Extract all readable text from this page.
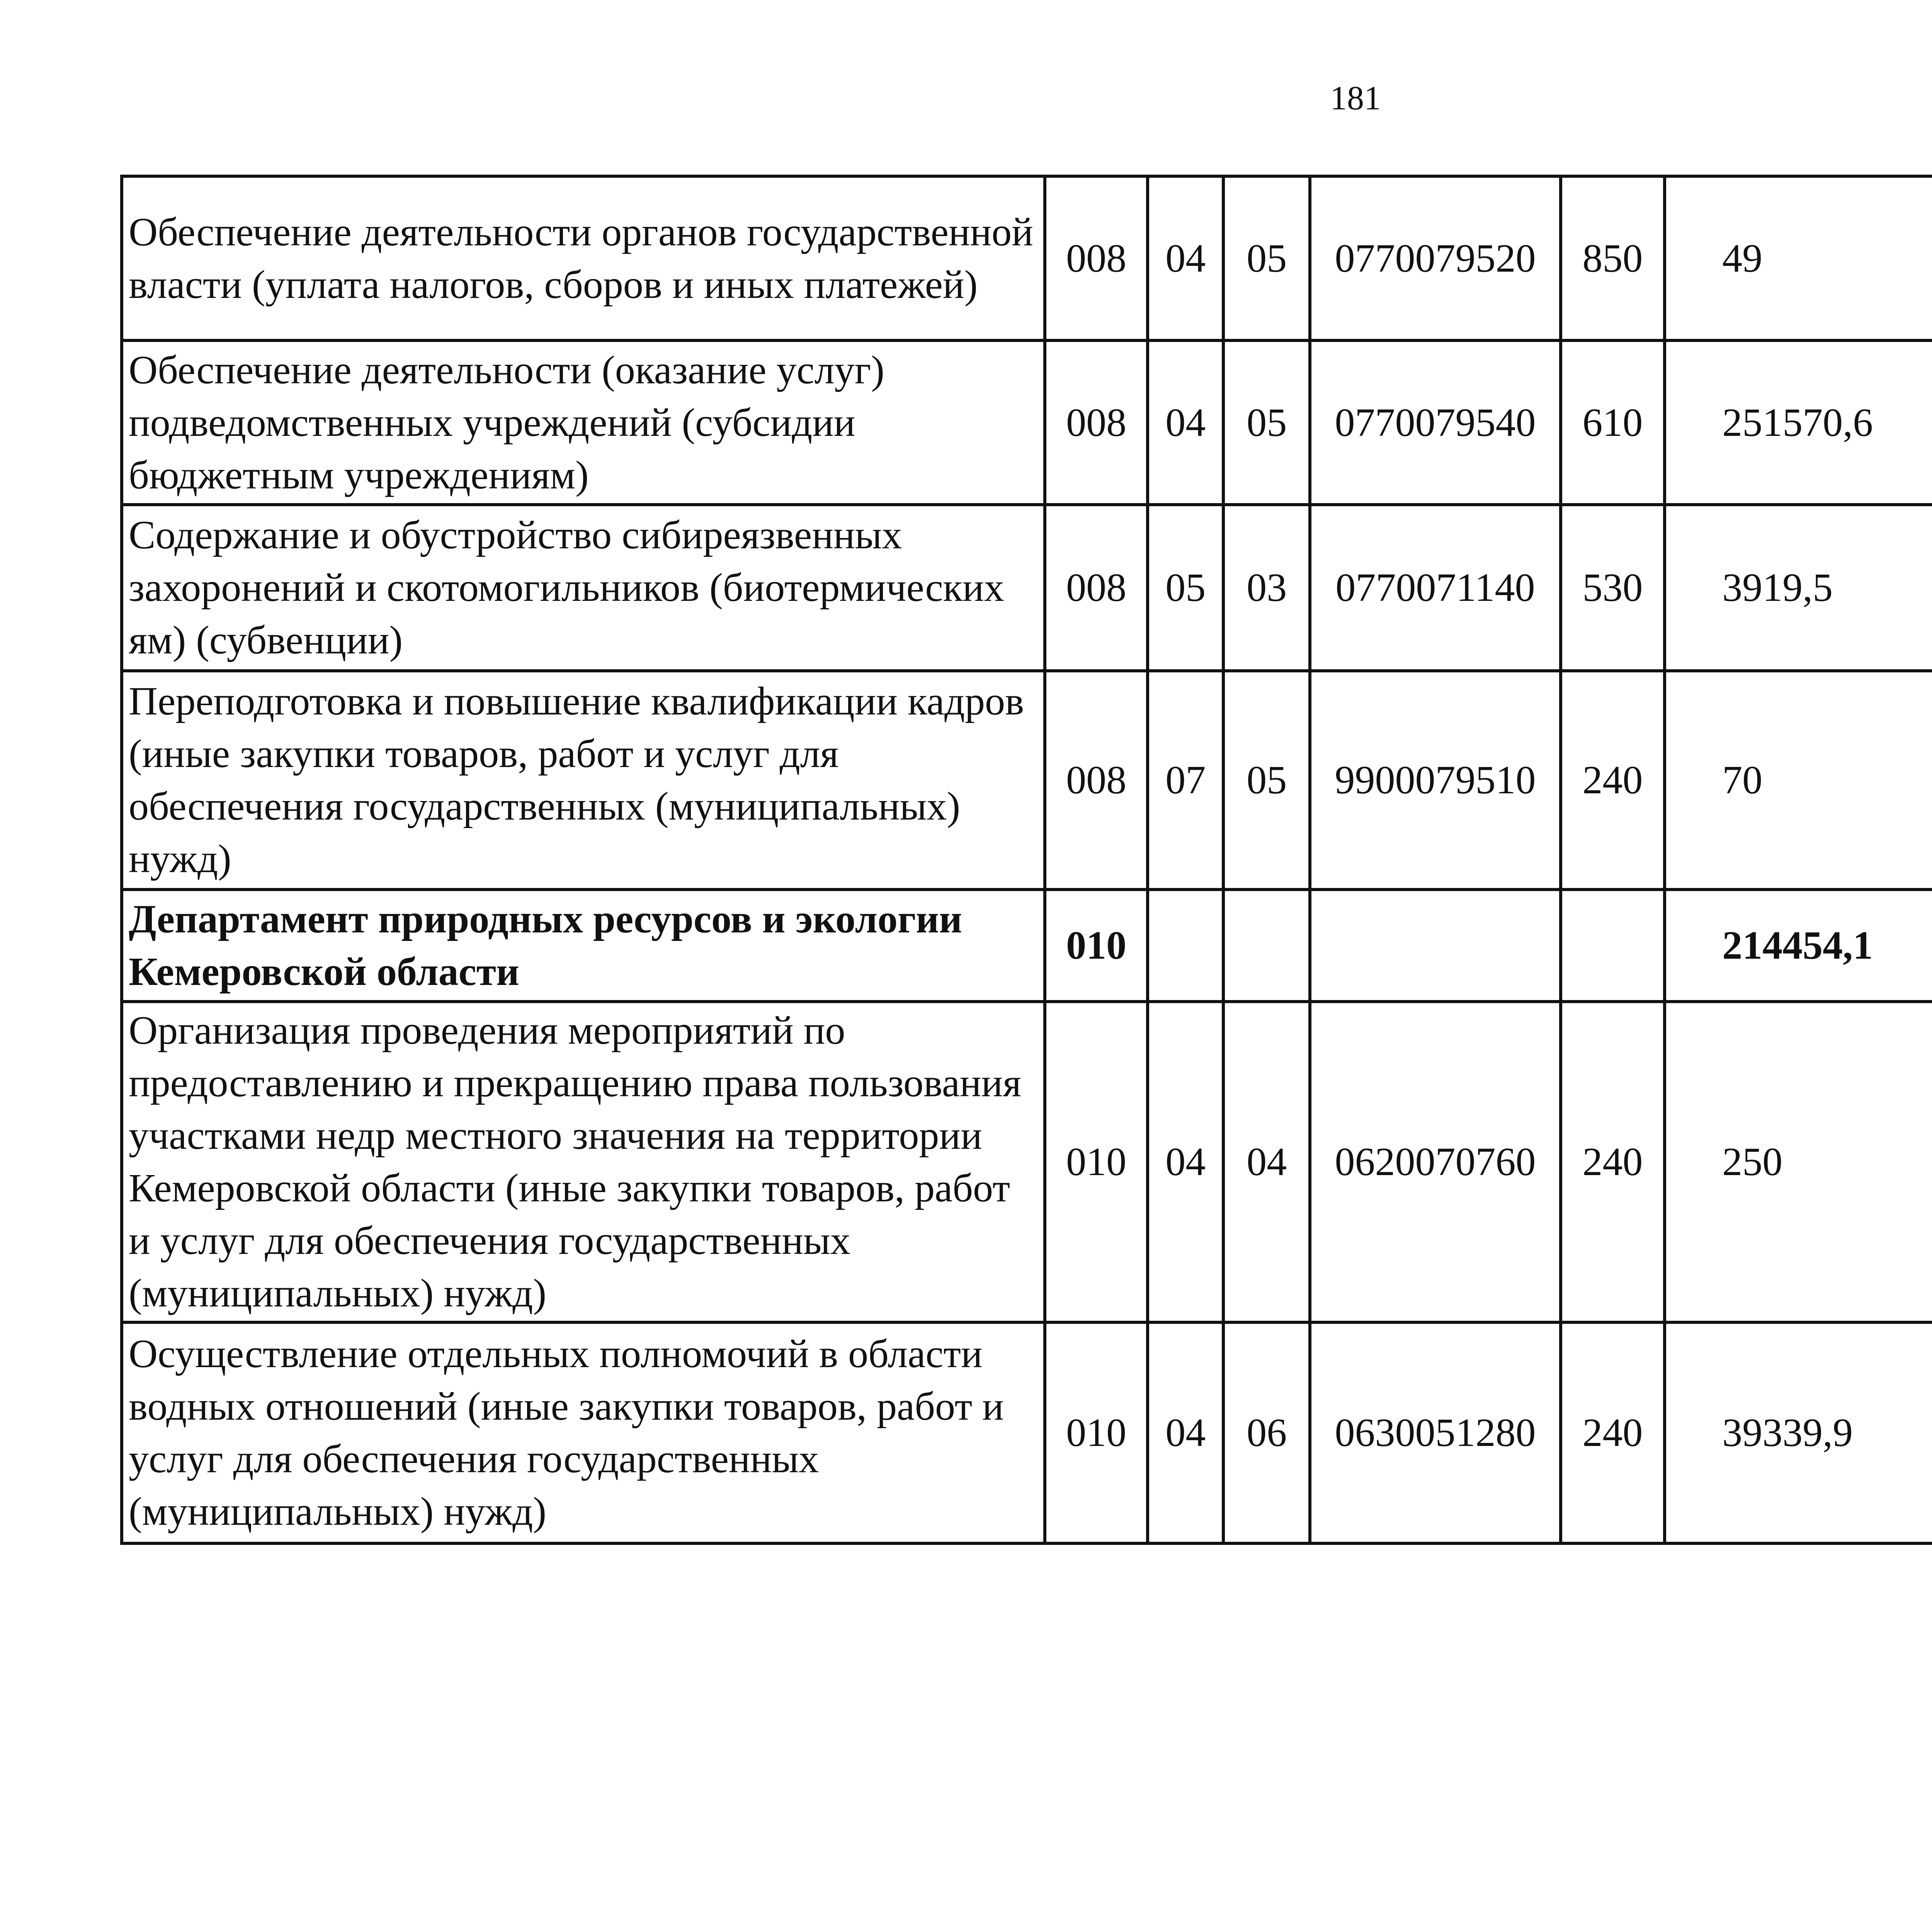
181
Обеспечение деятельности органов государственной власти (уплата налогов, сборов и иных платежей)	008	04	05	0770079520	850	49		
Обеспечение деятельности (оказание услуг) подведомственных учреждений (субсидии бюджетным учреждениям)	008	04	05	0770079540	610	251570,6		
Содержание и обустройство сибиреязвенных захоронений и скотомогильников (биотермических ям) (субвенции)	008	05	03	0770071140	530	3919,5		
Переподготовка и повышение квалификации кадров (иные закупки товаров, работ и услуг для обеспечения государственных (муниципальных) нужд)	008	07	05	9900079510	240	70		
Департамент природных ресурсов и экологии Кемеровской области	010					214454,1		
Организация проведения мероприятий по предоставлению и прекращению права пользования участками недр местного значения на территории Кемеровской области (иные закупки товаров, работ и услуг для обеспечения государственных (муниципальных) нужд)	010	04	04	0620070760	240	250		
Осуществление отдельных полномочий в области водных отношений (иные закупки товаров, работ и услуг для обеспечения государственных (муниципальных) нужд)	010	04	06	0630051280	240	39339,9		
